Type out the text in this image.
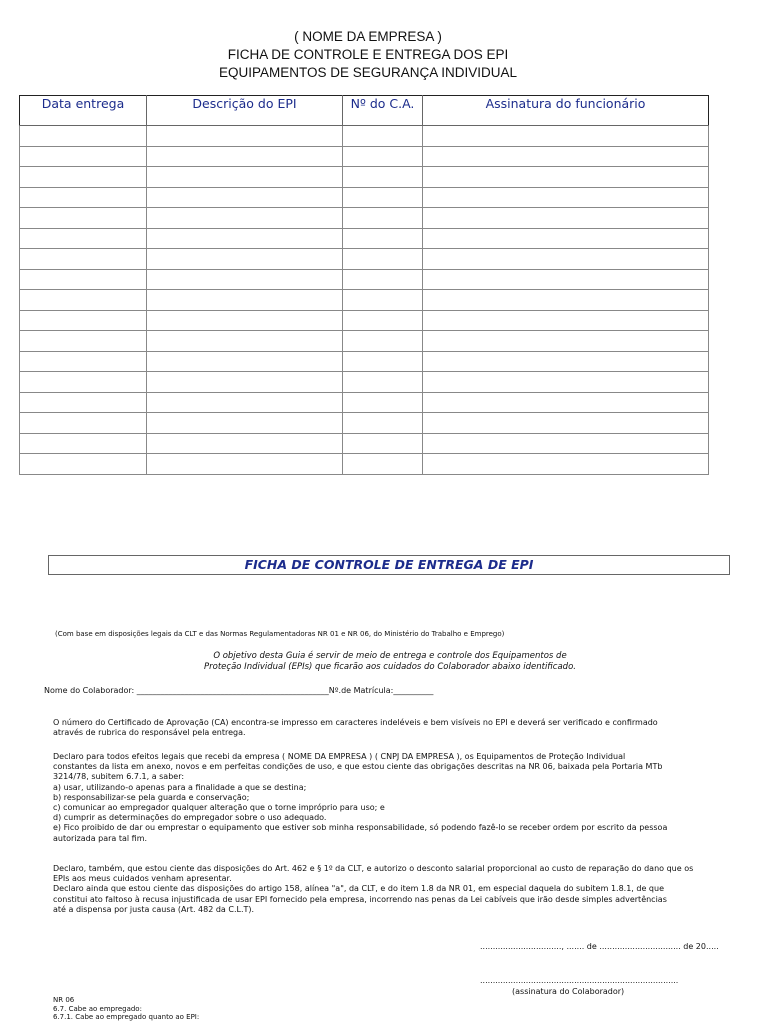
( NOME DA EMPRESA )
FICHA DE CONTROLE E ENTREGA DOS EPI
EQUIPAMENTOS DE SEGURANÇA INDIVIDUAL
Data entrega	Descrição do EPI	Nº do C.A.	Assinatura do funcionário

FICHA DE CONTROLE DE ENTREGA DE EPI
(Com base em disposições legais da CLT e das Normas Regulamentadoras NR 01 e NR 06, do Ministério do Trabalho e Emprego)
O objetivo desta Guia é servir de meio de entrega e controle dos Equipamentos de
Proteção Individual (EPIs) que ficarão aos cuidados do Colaborador abaixo identificado.
Nome do Colaborador: ________________________________________________Nº.de Matrícula:__________
O número do Certificado de Aprovação (CA) encontra-se impresso em caracteres indeléveis e bem visíveis no EPI e deverá ser verificado e confirmado
através de rubrica do responsável pela entrega.
Declaro para todos efeitos legais que recebi da empresa ( NOME DA EMPRESA ) ( CNPJ DA EMPRESA ), os Equipamentos de Proteção Individual
constantes da lista em anexo, novos e em perfeitas condições de uso, e que estou ciente das obrigações descritas na NR 06, baixada pela Portaria MTb
3214/78, subitem 6.7.1, a saber:
a) usar, utilizando-o apenas para a finalidade a que se destina;
b) responsabilizar-se pela guarda e conservação;
c) comunicar ao empregador qualquer alteração que o torne impróprio para uso; e
d) cumprir as determinações do empregador sobre o uso adequado.
e) Fico proibido de dar ou emprestar o equipamento que estiver sob minha responsabilidade, só podendo fazê-lo se receber ordem por escrito da pessoa
autorizada para tal fim.
Declaro, também, que estou ciente das disposições do Art. 462 e § 1º da CLT, e autorizo o desconto salarial proporcional ao custo de reparação do dano que os
EPIs aos meus cuidados venham apresentar.
Declaro ainda que estou ciente das disposições do artigo 158, alínea "a", da CLT, e do item 1.8 da NR 01, em especial daquela do subitem 1.8.1, de que
constitui ato faltoso à recusa injustificada de usar EPI fornecido pela empresa, incorrendo nas penas da Lei cabíveis que irão desde simples advertências
até a dispensa por justa causa (Art. 482 da C.L.T).
................................, ....... de ................................ de 20.....
..............................................................................
(assinatura do Colaborador)
NR 06
6.7. Cabe ao empregado:
6.7.1. Cabe ao empregado quanto ao EPI:
